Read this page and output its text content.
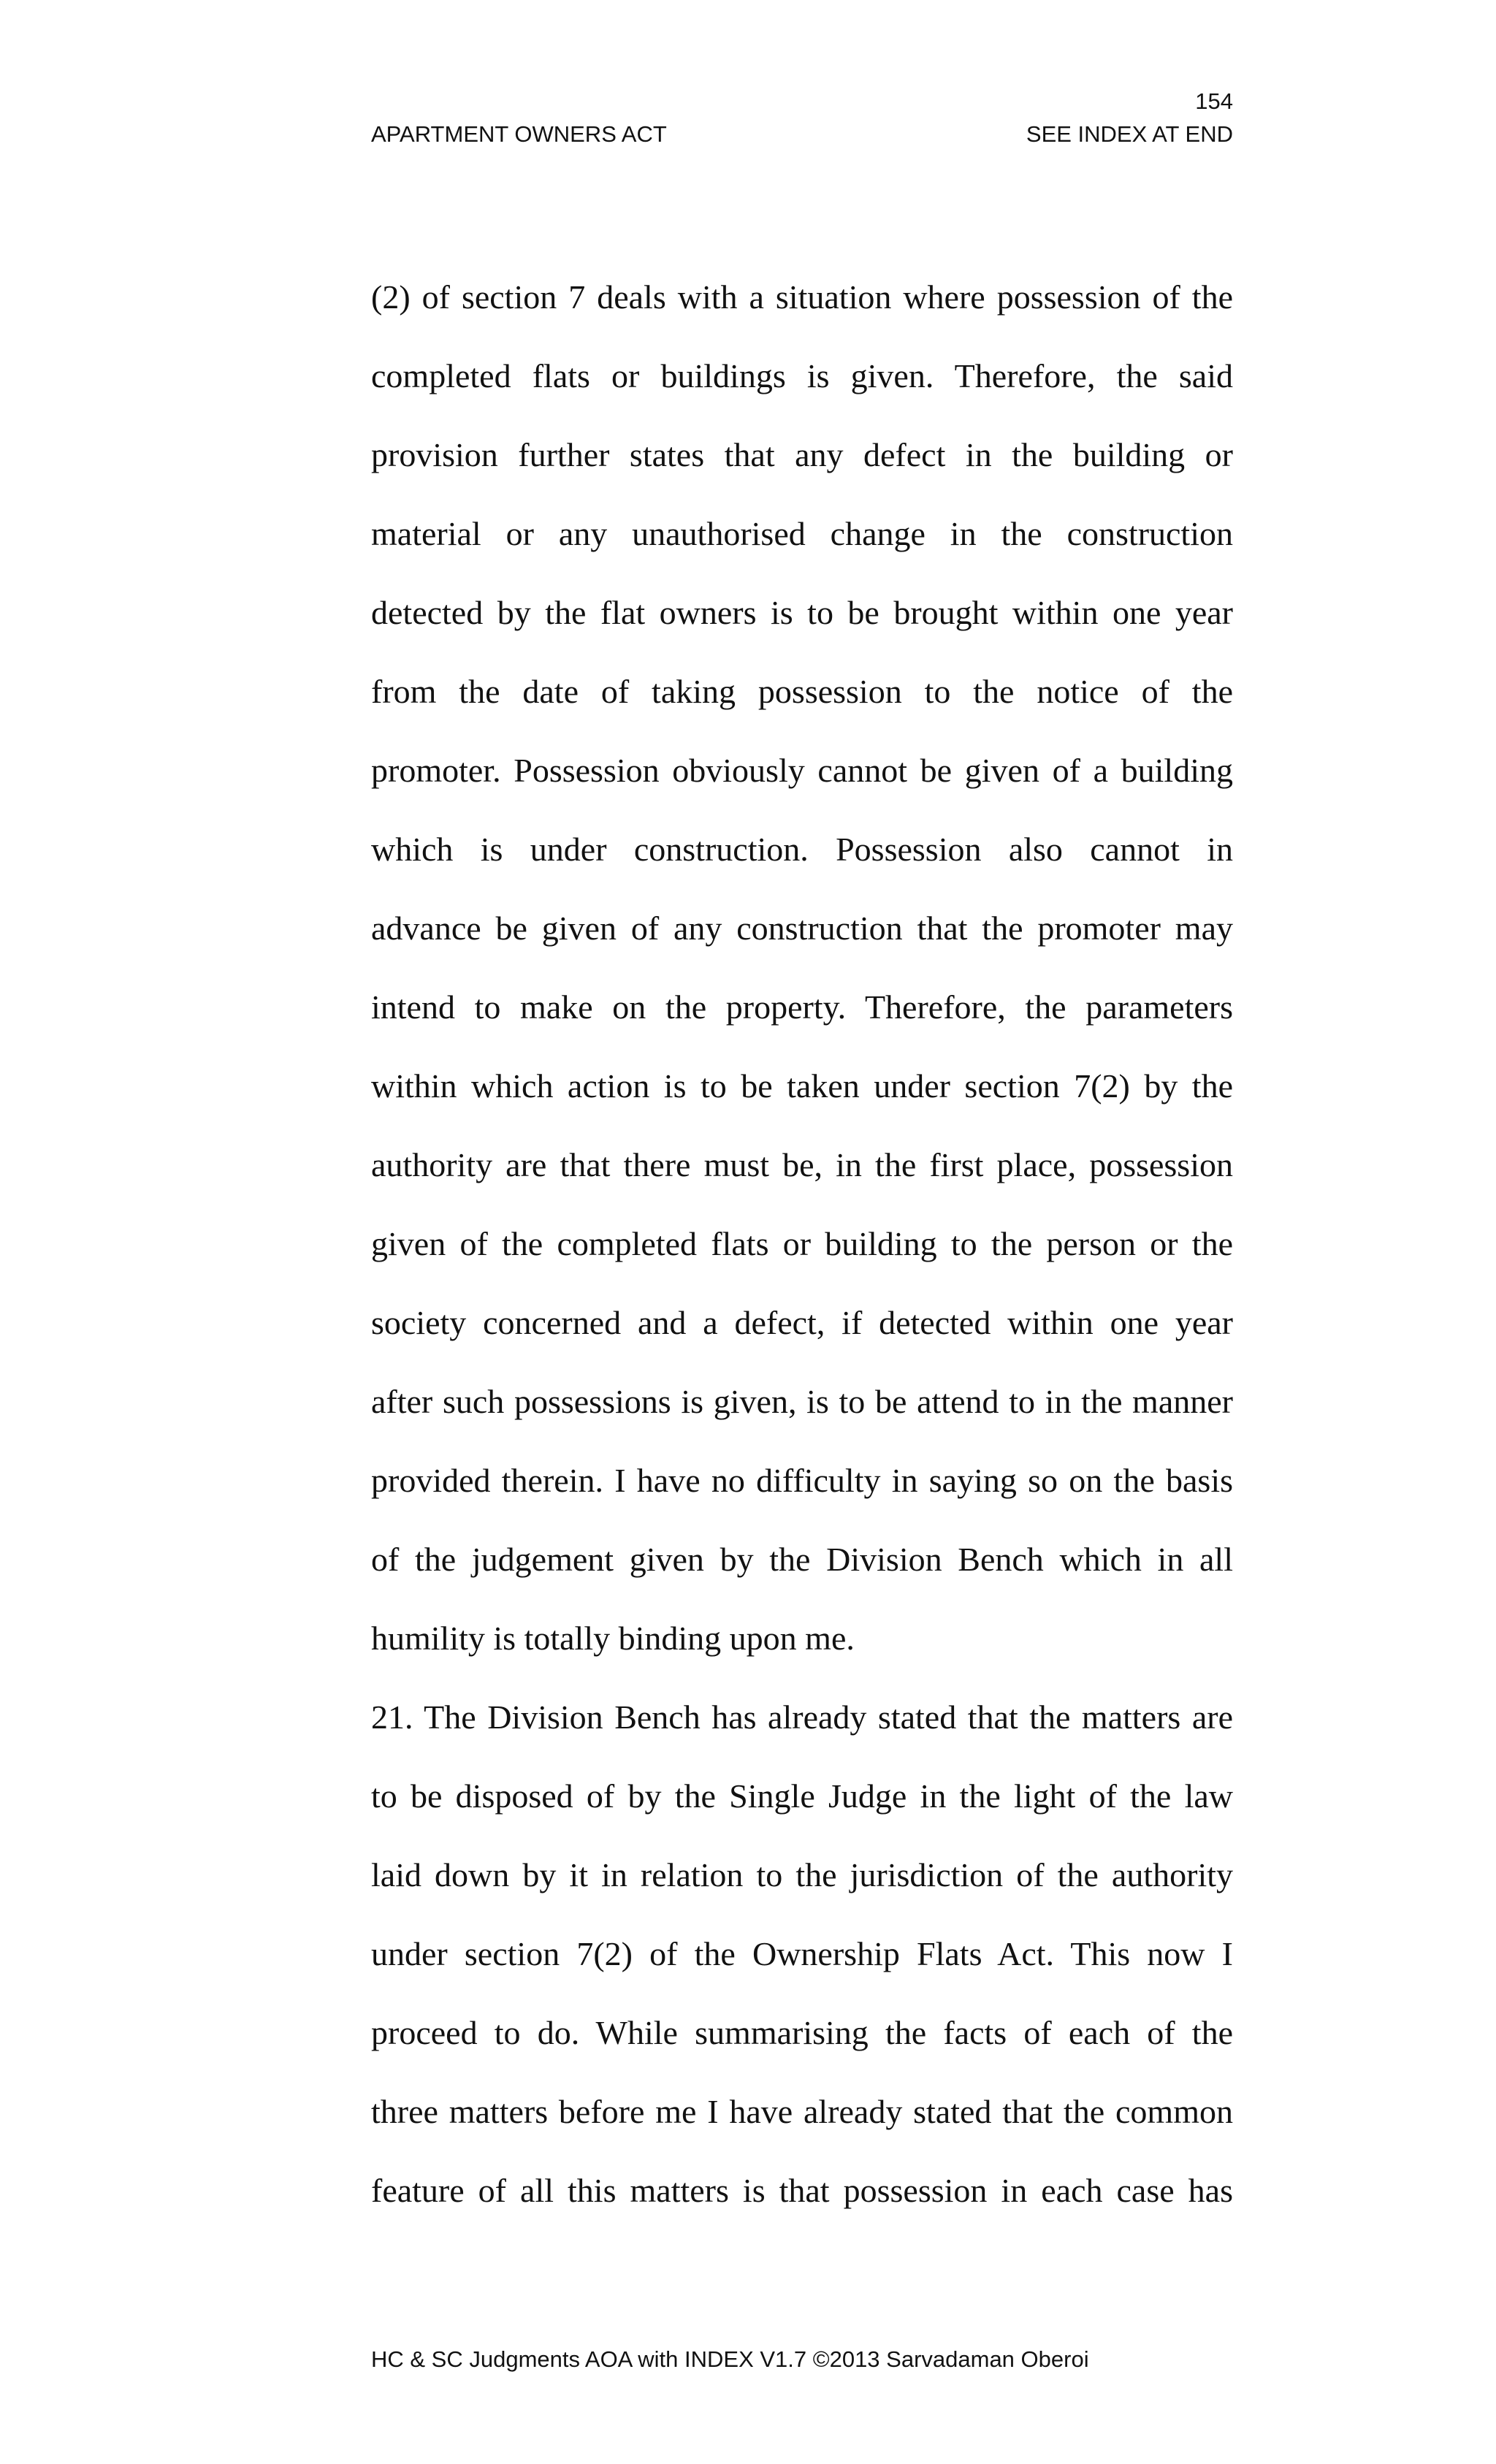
154
APARTMENT OWNERS ACT	SEE INDEX AT END
(2) of section 7 deals with a situation where possession of the
completed flats or buildings is given. Therefore, the said
provision further states that any defect in the building or
material or any unauthorised change in the construction
detected by the flat owners is to be brought within one year
from the date of taking possession to the notice of the
promoter. Possession obviously cannot be given of a building
which is under construction. Possession also cannot in
advance be given of any construction that the promoter may
intend to make on the property. Therefore, the parameters
within which action is to be taken under section 7(2) by the
authority are that there must be, in the first place, possession
given of the completed flats or building to the person or the
society concerned and a defect, if detected within one year
after such possessions is given, is to be attend to in the manner
provided therein. I have no difficulty in saying so on the basis
of the judgement given by the Division Bench which in all
humility is totally binding upon me.
21. The Division Bench has already stated that the matters are
to be disposed of by the Single Judge in the light of the law
laid down by it in relation to the jurisdiction of the authority
under section 7(2) of the Ownership Flats Act. This now I
proceed to do. While summarising the facts of each of the
three matters before me I have already stated that the common
feature of all this matters is that possession in each case has
HC & SC Judgments AOA with INDEX V1.7 ©2013 Sarvadaman Oberoi
